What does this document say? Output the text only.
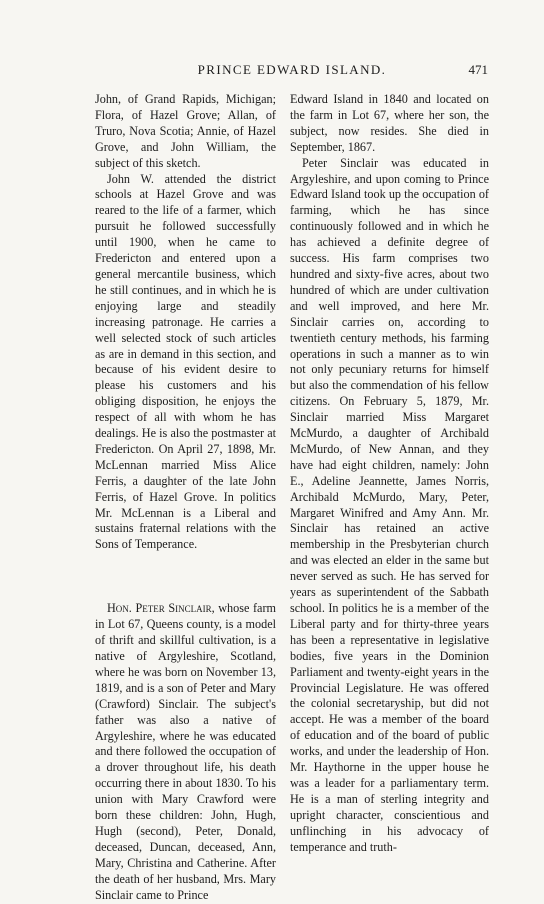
PRINCE EDWARD ISLAND.	471

John, of Grand Rapids, Michigan; Flora, of Hazel Grove; Allan, of Truro, Nova Scotia; Annie, of Hazel Grove, and John William, the subject of this sketch.

John W. attended the district schools at Hazel Grove and was reared to the life of a farmer, which pursuit he followed successfully until 1900, when he came to Fredericton and entered upon a general mercantile business, which he still continues, and in which he is enjoying large and steadily increasing patronage. He carries a well selected stock of such articles as are in demand in this section, and because of his evident desire to please his customers and his obliging disposition, he enjoys the respect of all with whom he has dealings. He is also the postmaster at Fredericton. On April 27, 1898, Mr. McLennan married Miss Alice Ferris, a daughter of the late John Ferris, of Hazel Grove. In politics Mr. McLennan is a Liberal and sustains fraternal relations with the Sons of Temperance.

Hon. Peter Sinclair, whose farm in Lot 67, Queens county, is a model of thrift and skillful cultivation, is a native of Argyleshire, Scotland, where he was born on November 13, 1819, and is a son of Peter and Mary (Crawford) Sinclair. The subject's father was also a native of Argyleshire, where he was educated and there followed the occupation of a drover throughout life, his death occurring there in about 1830. To his union with Mary Crawford were born these children: John, Hugh, Hugh (second), Peter, Donald, deceased, Duncan, deceased, Ann, Mary, Christina and Catherine. After the death of her husband, Mrs. Mary Sinclair came to Prince

Edward Island in 1840 and located on the farm in Lot 67, where her son, the subject, now resides. She died in September, 1867.

Peter Sinclair was educated in Argyleshire, and upon coming to Prince Edward Island took up the occupation of farming, which he has since continuously followed and in which he has achieved a definite degree of success. His farm comprises two hundred and sixty-five acres, about two hundred of which are under cultivation and well improved, and here Mr. Sinclair carries on, according to twentieth century methods, his farming operations in such a manner as to win not only pecuniary returns for himself but also the commendation of his fellow citizens. On February 5, 1879, Mr. Sinclair married Miss Margaret McMurdo, a daughter of Archibald McMurdo, of New Annan, and they have had eight children, namely: John E., Adeline Jeannette, James Norris, Archibald McMurdo, Mary, Peter, Margaret Winifred and Amy Ann. Mr. Sinclair has retained an active membership in the Presbyterian church and was elected an elder in the same but never served as such. He has served for years as superintendent of the Sabbath school. In politics he is a member of the Liberal party and for thirty-three years has been a representative in legislative bodies, five years in the Dominion Parliament and twenty-eight years in the Provincial Legislature. He was offered the colonial secretaryship, but did not accept. He was a member of the board of education and of the board of public works, and under the leadership of Hon. Mr. Haythorne in the upper house he was a leader for a parliamentary term. He is a man of sterling integrity and upright character, conscientious and unflinching in his advocacy of temperance and truth-
